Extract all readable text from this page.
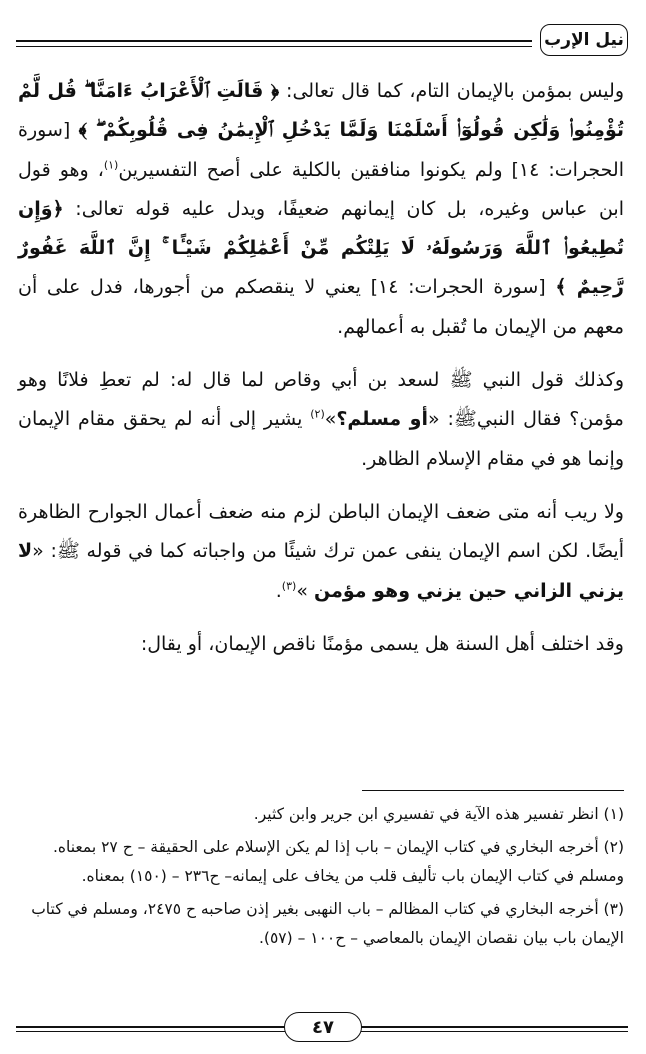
نيل الإرب

وليس بمؤمن بالإيمان التام، كما قال تعالى: ﴿ قَالَتِ ٱلْأَعْرَابُ ءَامَنَّا ۖ قُل لَّمْ تُؤْمِنُوا۟ وَلَٰكِن قُولُوٓا۟ أَسْلَمْنَا وَلَمَّا يَدْخُلِ ٱلْإِيمَٰنُ فِى قُلُوبِكُمْ ۖ ﴾ [سورة الحجرات: ١٤] ولم يكونوا منافقين بالكلية على أصح التفسيرين$^{(١)}$، وهو قول ابن عباس وغيره، بل كان إيمانهم ضعيفًا، ويدل عليه قوله تعالى: ﴿وَإِن تُطِيعُوا۟ ٱللَّهَ وَرَسُولَهُۥ لَا يَلِتْكُم مِّنْ أَعْمَٰلِكُمْ شَيْـًٔا ۚ إِنَّ ٱللَّهَ غَفُورٌ رَّحِيمٌ ﴾ [سورة الحجرات: ١٤] يعني لا ينقصكم من أجورها، فدل على أن معهم من الإيمان ما تُقبل به أعمالهم.

وكذلك قول النبي ﷺ لسعد بن أبي وقاص لما قال له: لم تعطِ فلانًا وهو مؤمن؟ فقال النبيﷺ: «أو مسلم؟»$^{(٢)}$ يشير إلى أنه لم يحقق مقام الإيمان وإنما هو في مقام الإسلام الظاهر.

ولا ريب أنه متى ضعف الإيمان الباطن لزم منه ضعف أعمال الجوارح الظاهرة أيضًا. لكن اسم الإيمان ينفى عمن ترك شيئًا من واجباته كما في قوله ﷺ: «لا يزني الزاني حين يزني وهو مؤمن »$^{(٣)}$.

وقد اختلف أهل السنة هل يسمى مؤمنًا ناقص الإيمان، أو يقال:

(١) انظر تفسير هذه الآية في تفسيري ابن جرير وابن كثير.

(٢) أخرجه البخاري في كتاب الإيمان – باب إذا لم يكن الإسلام على الحقيقة – ح ٢٧ بمعناه. ومسلم في كتاب الإيمان باب تأليف قلب من يخاف على إيمانه– ح٢٣٦ – (١٥٠) بمعناه.

(٣) أخرجه البخاري في كتاب المظالم – باب النهبى بغير إذن صاحبه ح ٢٤٧٥، ومسلم في كتاب الإيمان باب بيان نقصان الإيمان بالمعاصي – ح١٠٠ – (٥٧).

٤٧
